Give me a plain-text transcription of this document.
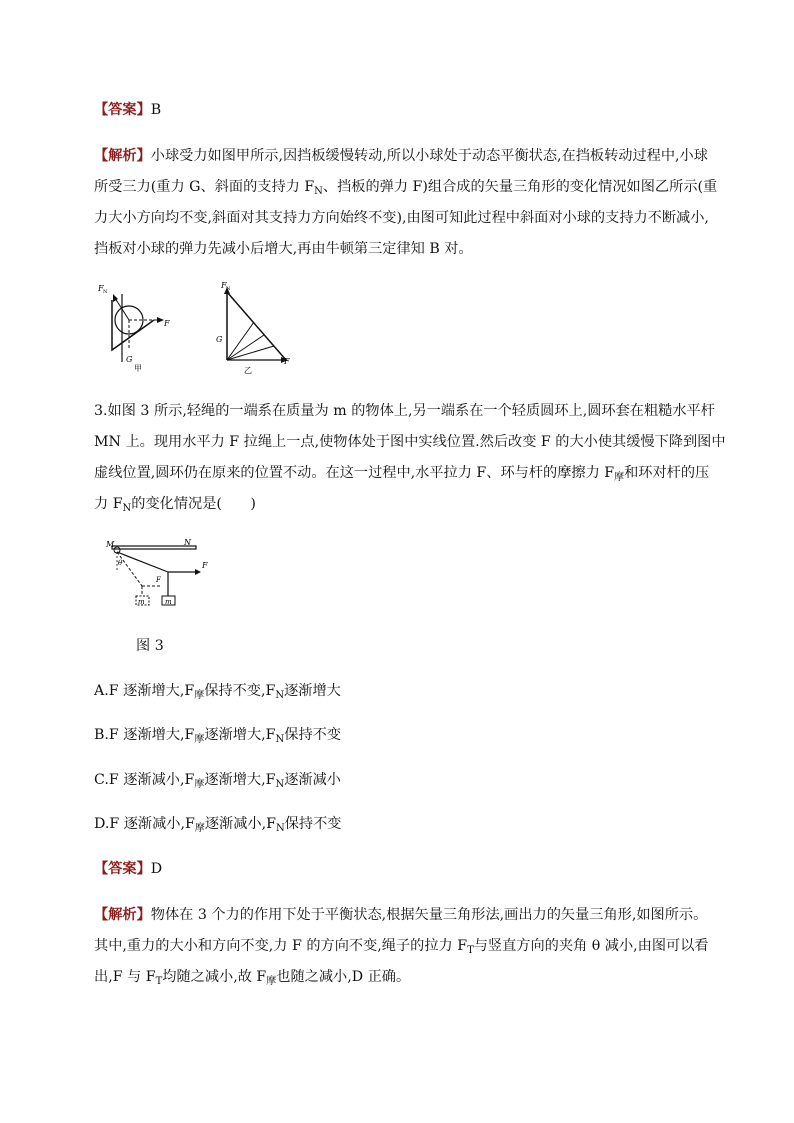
【答案】B
【解析】小球受力如图甲所示,因挡板缓慢转动,所以小球处于动态平衡状态,在挡板转动过程中,小球
所受三力(重力 G、斜面的支持力 $F_N$、挡板的弹力 F)组合成的矢量三角形的变化情况如图乙所示(重
力大小方向均不变,斜面对其支持力方向始终不变),由图可知此过程中斜面对小球的支持力不断减小,
挡板对小球的弹力先减小后增大,再由牛顿第三定律知 B 对。
F N
F
G
甲
F N
G
F
乙
3.如图 3 所示,轻绳的一端系在质量为 m 的物体上,另一端系在一个轻质圆环上,圆环套在粗糙水平杆
MN 上。现用水平力 F 拉绳上一点,使物体处于图中实线位置.然后改变 F 的大小使其缓慢下降到图中
虚线位置,圆环仍在原来的位置不动。在这一过程中,水平拉力 F、环与杆的摩擦力 $F_摩$和环对杆的压
力 $F_N$的变化情况是(　　)
M	N
θ	F
F
m
m
图 3
A.F 逐渐增大$,F_摩$保持不变$,F_N$逐渐增大
B.F 逐渐增大$,F_摩$逐渐增大$,F_N$保持不变
C.F 逐渐减小$,F_摩$逐渐增大$,F_N$逐渐减小
D.F 逐渐减小$,F_摩$逐渐减小$,F_N$保持不变
【答案】D
【解析】物体在 3 个力的作用下处于平衡状态,根据矢量三角形法,画出力的矢量三角形,如图所示。
其中,重力的大小和方向不变,力 F 的方向不变,绳子的拉力 $F_T$与竖直方向的夹角 θ 减小,由图可以看
出,F 与 $F_T$均随之减小,故 $F_摩$也随之减小,D 正确。
